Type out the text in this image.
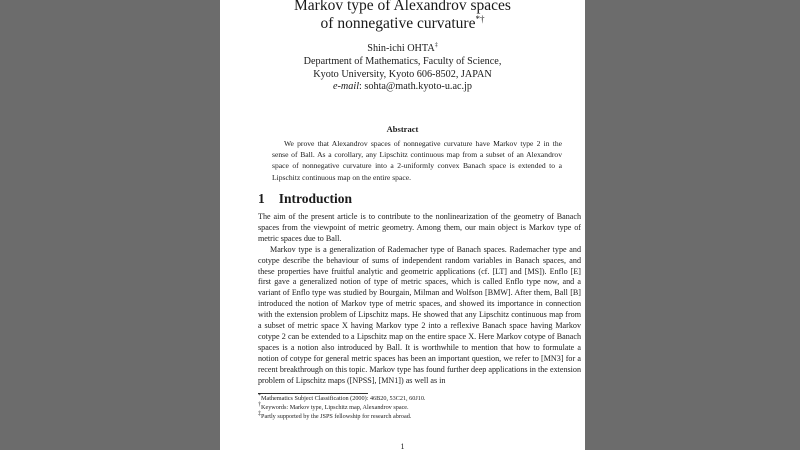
Markov type of Alexandrov spaces
of nonnegative curvature*†
Shin-ichi OHTA‡
Department of Mathematics, Faculty of Science,
Kyoto University, Kyoto 606-8502, JAPAN
e-mail: sohta@math.kyoto-u.ac.jp
Abstract
We prove that Alexandrov spaces of nonnegative curvature have Markov type 2 in the sense of Ball. As a corollary, any Lipschitz continuous map from a subset of an Alexandrov space of nonnegative curvature into a 2-uniformly convex Banach space is extended to a Lipschitz continuous map on the entire space.
1 Introduction

The aim of the present article is to contribute to the nonlinearization of the geometry of Banach spaces from the viewpoint of metric geometry. Among them, our main object is Markov type of metric spaces due to Ball.

Markov type is a generalization of Rademacher type of Banach spaces. Rademacher type and cotype describe the behaviour of sums of independent random variables in Banach spaces, and these properties have fruitful analytic and geometric applications (cf. [LT] and [MS]). Enflo [E] first gave a generalized notion of type of metric spaces, which is called Enflo type now, and a variant of Enflo type was studied by Bourgain, Milman and Wolfson [BMW]. After them, Ball [B] introduced the notion of Markov type of metric spaces, and showed its importance in connection with the extension problem of Lipschitz maps. He showed that any Lipschitz continuous map from a subset of metric space X having Markov type 2 into a reflexive Banach space having Markov cotype 2 can be extended to a Lipschitz map on the entire space X. Here Markov cotype of Banach spaces is a notion also introduced by Ball. It is worthwhile to mention that how to formulate a notion of cotype for general metric spaces has been an important question, we refer to [MN3] for a recent breakthrough on this topic. Markov type has found further deep applications in the extension problem of Lipschitz maps ([NPSS], [MN1]) as well as in

*Mathematics Subject Classification (2000): 46B20, 53C21, 60J10.
†Keywords: Markov type, Lipschitz map, Alexandrov space.
‡Partly supported by the JSPS fellowship for research abroad.
1
